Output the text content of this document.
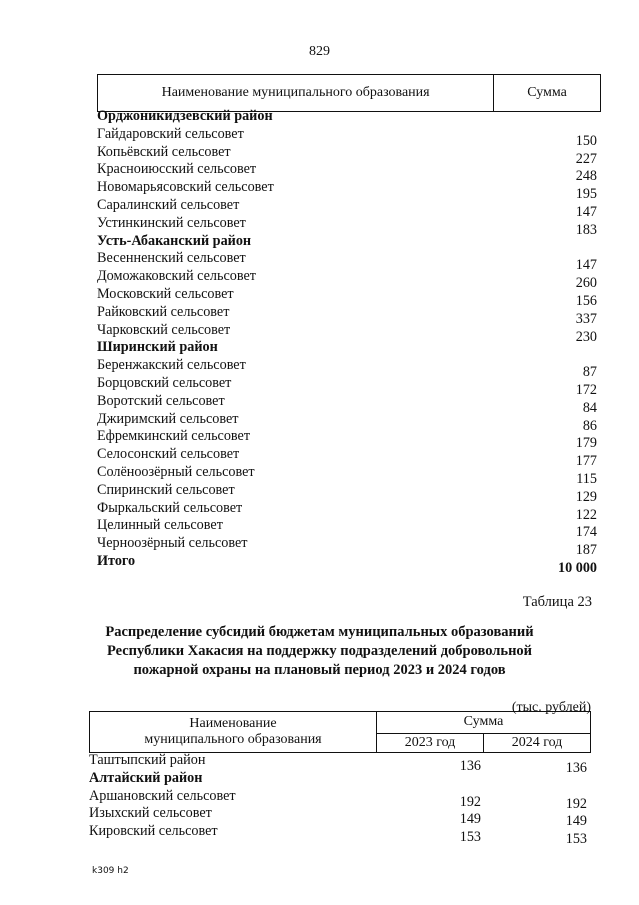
829
Наименование муниципального образования	Сумма
Орджоникидзевский район
Гайдаровский сельсовет	150
Копьёвский сельсовет	227
Красноиюсский сельсовет	248
Новомарьясовский сельсовет	195
Саралинский сельсовет	147
Устинкинский сельсовет	183
Усть-Абаканский район
Весенненский сельсовет	147
Доможаковский сельсовет	260
Московский сельсовет	156
Райковский сельсовет	337
Чарковский сельсовет	230
Ширинский район
Беренжакский сельсовет	87
Борцовский сельсовет	172
Воротский сельсовет	84
Джиримский сельсовет	86
Ефремкинский сельсовет	179
Селосонский сельсовет	177
Солёноозёрный сельсовет	115
Спиринский сельсовет	129
Фыркальский сельсовет	122
Целинный сельсовет	174
Черноозёрный сельсовет	187
Итого	10 000
Таблица 23
Распределение субсидий бюджетам муниципальных образований
Республики Хакасия на поддержку подразделений добровольной
пожарной охраны на плановый период 2023 и 2024 годов
(тыс. рублей)
Наименование
муниципального образования	Сумма	
	2023 год	2024 год
Таштыпский район	136	136
Алтайский район
Аршановский сельсовет	192	192
Изыхский сельсовет	149	149
Кировский сельсовет	153	153
k309 h2
